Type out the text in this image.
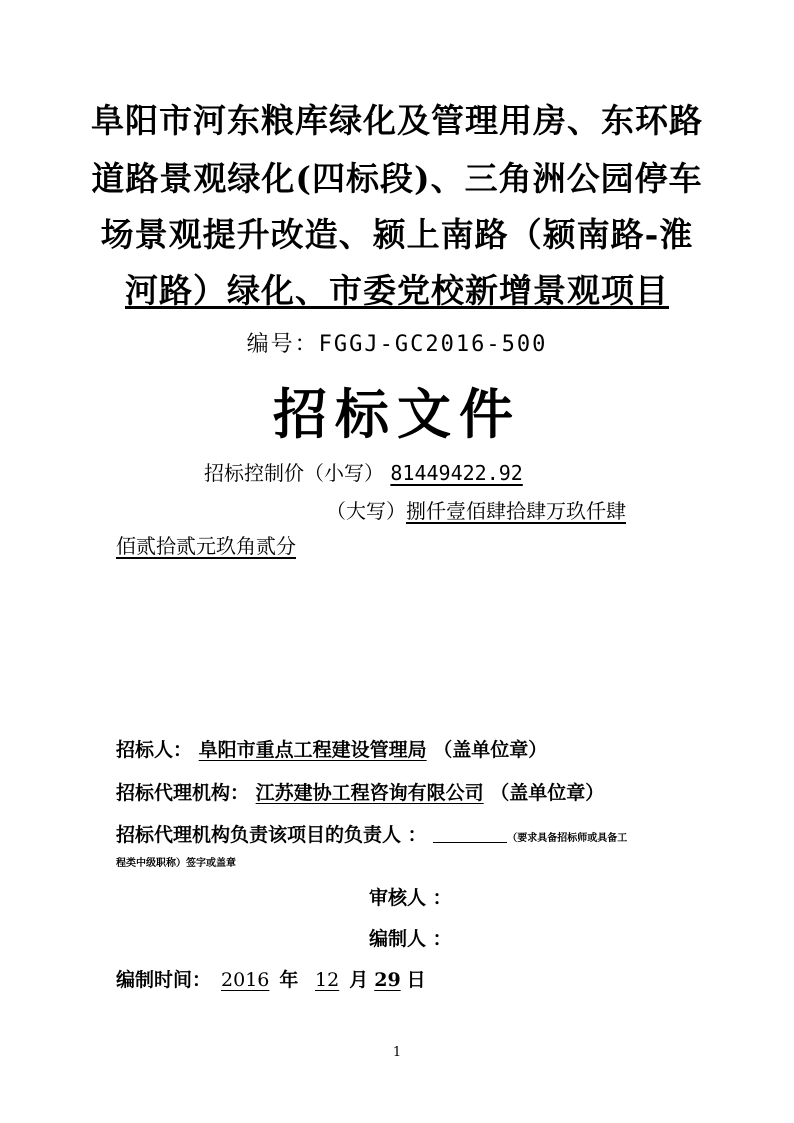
阜阳市河东粮库绿化及管理用房、东环路
道路景观绿化(四标段)、三角洲公园停车
场景观提升改造、颍上南路（颍南路-淮
河路）绿化、市委党校新增景观项目
编号：FGGJ-GC2016-500
招标文件
招标控制价（小写） 81449422.92
（大写）捌仟壹佰肆拾肆万玖仟肆
佰贰拾贰元玖角贰分
招标人： 阜阳市重点工程建设管理局 （盖单位章）
招标代理机构： 江苏建协工程咨询有限公司 （盖单位章）
招标代理机构负责该项目的负责人 ：	（要求具备招标师或具备工
程类中级职称）签字或盖章
审核人 ：
编制人 ：
编制时间： 2016 年 12 月 29 日
1
